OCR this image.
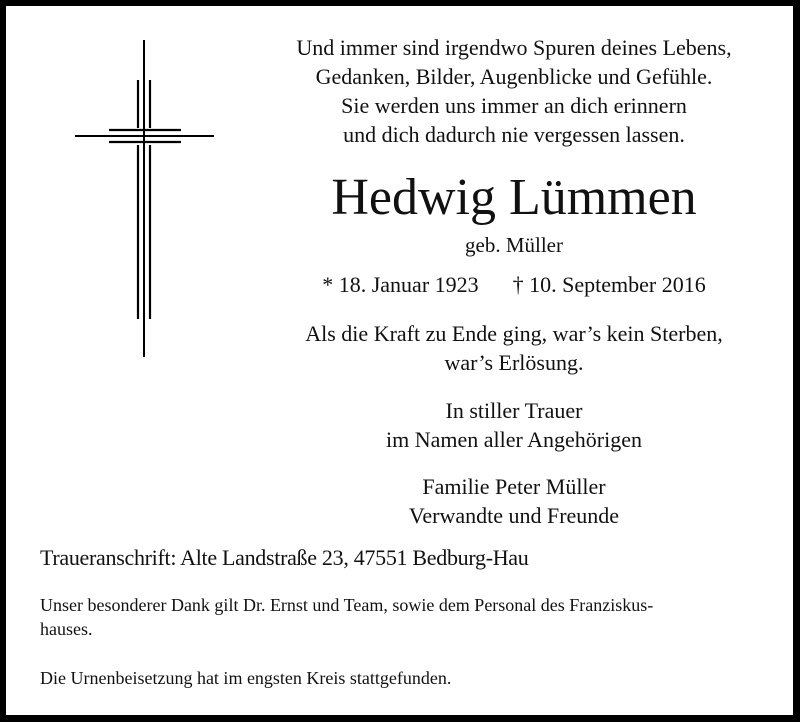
Und immer sind irgendwo Spuren deines Lebens,
Gedanken, Bilder, Augenblicke und Gefühle.
Sie werden uns immer an dich erinnern
und dich dadurch nie vergessen lassen.
Hedwig Lümmen
geb. Müller
* 18. Januar 1923 † 10. September 2016
Als die Kraft zu Ende ging, war’s kein Sterben,
war’s Erlösung.
In stiller Trauer
im Namen aller Angehörigen
Familie Peter Müller
Verwandte und Freunde
Traueranschrift: Alte Landstraße 23, 47551 Bedburg-Hau
Unser besonderer Dank gilt Dr. Ernst und Team, sowie dem Personal des Franziskus-
hauses.
Die Urnenbeisetzung hat im engsten Kreis stattgefunden.
